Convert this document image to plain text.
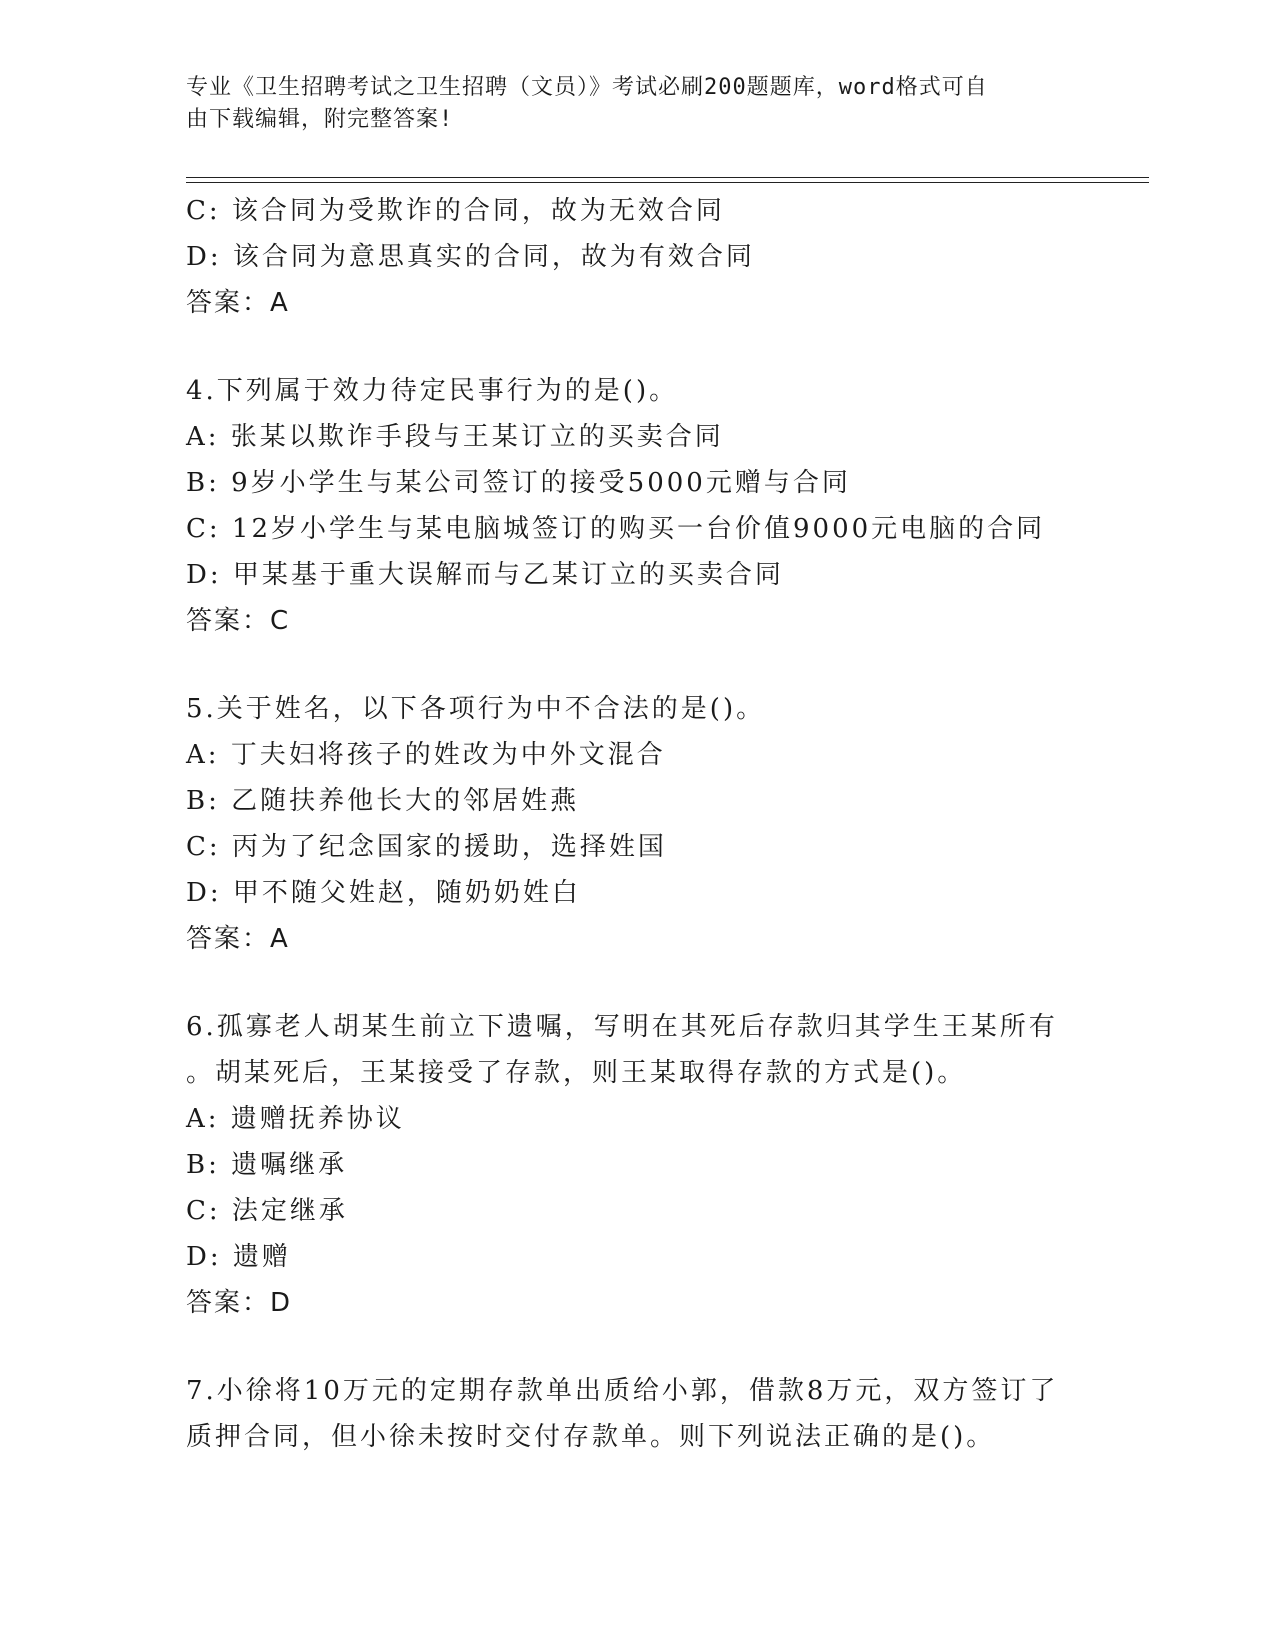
专业《卫生招聘考试之卫生招聘（文员）》考试必刷200题题库，word格式可自
由下载编辑，附完整答案!
C: 该合同为受欺诈的合同，故为无效合同
D: 该合同为意思真实的合同，故为有效合同
答案：A
4.下列属于效力待定民事行为的是()。
A: 张某以欺诈手段与王某订立的买卖合同
B: 9岁小学生与某公司签订的接受5000元赠与合同
C: 12岁小学生与某电脑城签订的购买一台价值9000元电脑的合同
D: 甲某基于重大误解而与乙某订立的买卖合同
答案：C
5.关于姓名，以下各项行为中不合法的是()。
A: 丁夫妇将孩子的姓改为中外文混合
B: 乙随扶养他长大的邻居姓燕
C: 丙为了纪念国家的援助，选择姓国
D: 甲不随父姓赵，随奶奶姓白
答案：A
6.孤寡老人胡某生前立下遗嘱，写明在其死后存款归其学生王某所有
。胡某死后，王某接受了存款，则王某取得存款的方式是()。
A: 遗赠抚养协议
B: 遗嘱继承
C: 法定继承
D: 遗赠
答案：D
7.小徐将10万元的定期存款单出质给小郭，借款8万元，双方签订了
质押合同，但小徐未按时交付存款单。则下列说法正确的是()。
